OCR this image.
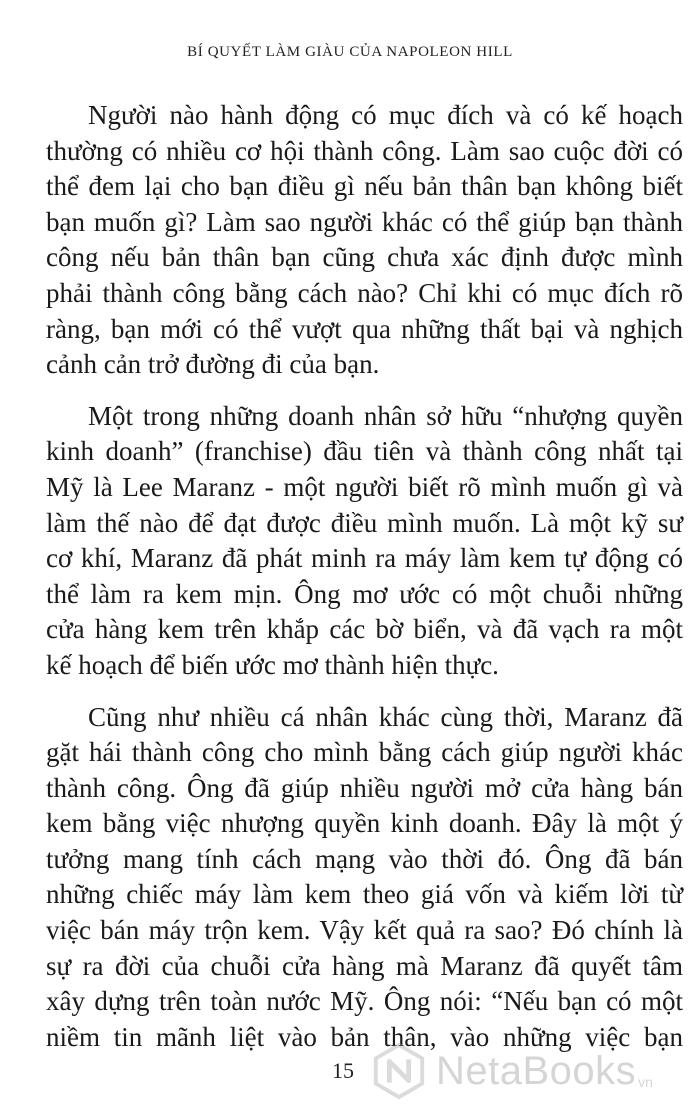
BÍ QUYẾT LÀM GIÀU CỦA NAPOLEON HILL
Người nào hành động có mục đích và có kế hoạch
thường có nhiều cơ hội thành công. Làm sao cuộc đời có
thể đem lại cho bạn điều gì nếu bản thân bạn không biết
bạn muốn gì? Làm sao người khác có thể giúp bạn thành
công nếu bản thân bạn cũng chưa xác định được mình
phải thành công bằng cách nào? Chỉ khi có mục đích rõ
ràng, bạn mới có thể vượt qua những thất bại và nghịch
cảnh cản trở đường đi của bạn.
Một trong những doanh nhân sở hữu “nhượng quyền
kinh doanh” (franchise) đầu tiên và thành công nhất tại
Mỹ là Lee Maranz - một người biết rõ mình muốn gì và
làm thế nào để đạt được điều mình muốn. Là một kỹ sư
cơ khí, Maranz đã phát minh ra máy làm kem tự động có
thể làm ra kem mịn. Ông mơ ước có một chuỗi những
cửa hàng kem trên khắp các bờ biển, và đã vạch ra một
kế hoạch để biến ước mơ thành hiện thực.
Cũng như nhiều cá nhân khác cùng thời, Maranz đã
gặt hái thành công cho mình bằng cách giúp người khác
thành công. Ông đã giúp nhiều người mở cửa hàng bán
kem bằng việc nhượng quyền kinh doanh. Đây là một ý
tưởng mang tính cách mạng vào thời đó. Ông đã bán
những chiếc máy làm kem theo giá vốn và kiếm lời từ
việc bán máy trộn kem. Vậy kết quả ra sao? Đó chính là
sự ra đời của chuỗi cửa hàng mà Maranz đã quyết tâm
xây dựng trên toàn nước Mỹ. Ông nói: “Nếu bạn có một
niềm tin mãnh liệt vào bản thân, vào những việc bạn
15 NetaBooks vn
